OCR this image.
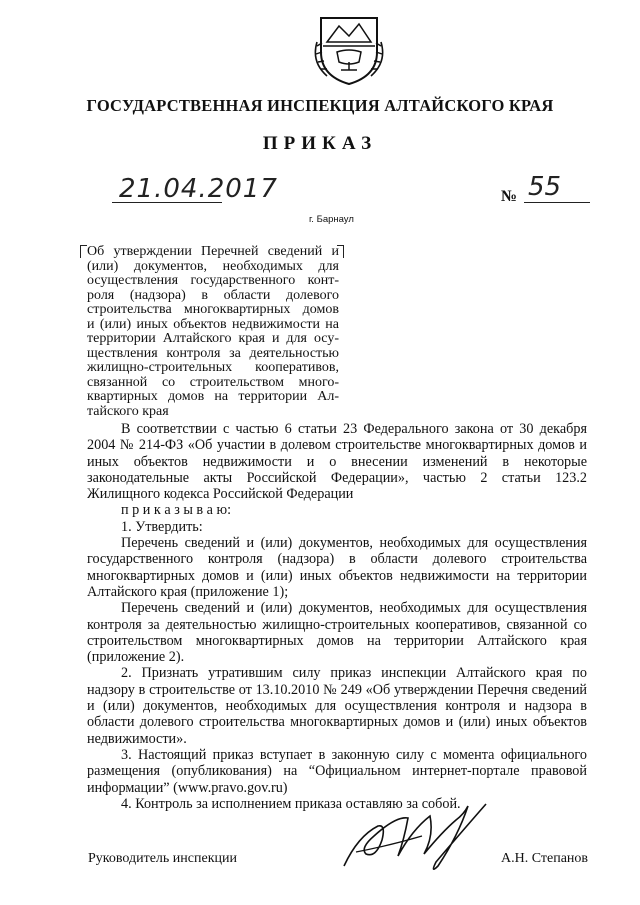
ГОСУДАРСТВЕННАЯ ИНСПЕКЦИЯ АЛТАЙСКОГО КРАЯ
ПРИКАЗ
21.04.2017	№ 55
г. Барнаул
Об утверждении Перечней сведений и
(или) документов, необходимых для
осуществления государственного конт-
роля (надзора) в области долевого
строительства многоквартирных домов
и (или) иных объектов недвижимости на
территории Алтайского края и для осу-
ществления контроля за деятельностью
жилищно-строительных кооперативов,
связанной со строительством много-
квартирных домов на территории Ал-
тайского края

В соответствии с частью 6 статьи 23 Федерального закона от 30 декабря 2004 № 214-ФЗ «Об участии в долевом строительстве многоквартирных домов и иных объектов недвижимости и о внесении изменений в некоторые законодательные акты Российской Федерации», частью 2 статьи 123.2 Жилищного кодекса Российской Федерации

п р и к а з ы в а ю:

1. Утвердить:

Перечень сведений и (или) документов, необходимых для осуществления государственного контроля (надзора) в области долевого строительства многоквартирных домов и (или) иных объектов недвижимости на территории Алтайского края (приложение 1);

Перечень сведений и (или) документов, необходимых для осуществления контроля за деятельностью жилищно-строительных кооперативов, связанной со строительством многоквартирных домов на территории Алтайского края (приложение 2).

2. Признать утратившим силу приказ инспекции Алтайского края по надзору в строительстве от 13.10.2010 № 249 «Об утверждении Перечня сведений и (или) документов, необходимых для осуществления контроля и надзора в области долевого строительства многоквартирных домов и (или) иных объектов недвижимости».

3. Настоящий приказ вступает в законную силу с момента официального размещения (опубликования) на “Официальном интернет-портале правовой информации” (www.pravo.gov.ru)

4. Контроль за исполнением приказа оставляю за собой.

Руководитель инспекции	А.Н. Степанов
